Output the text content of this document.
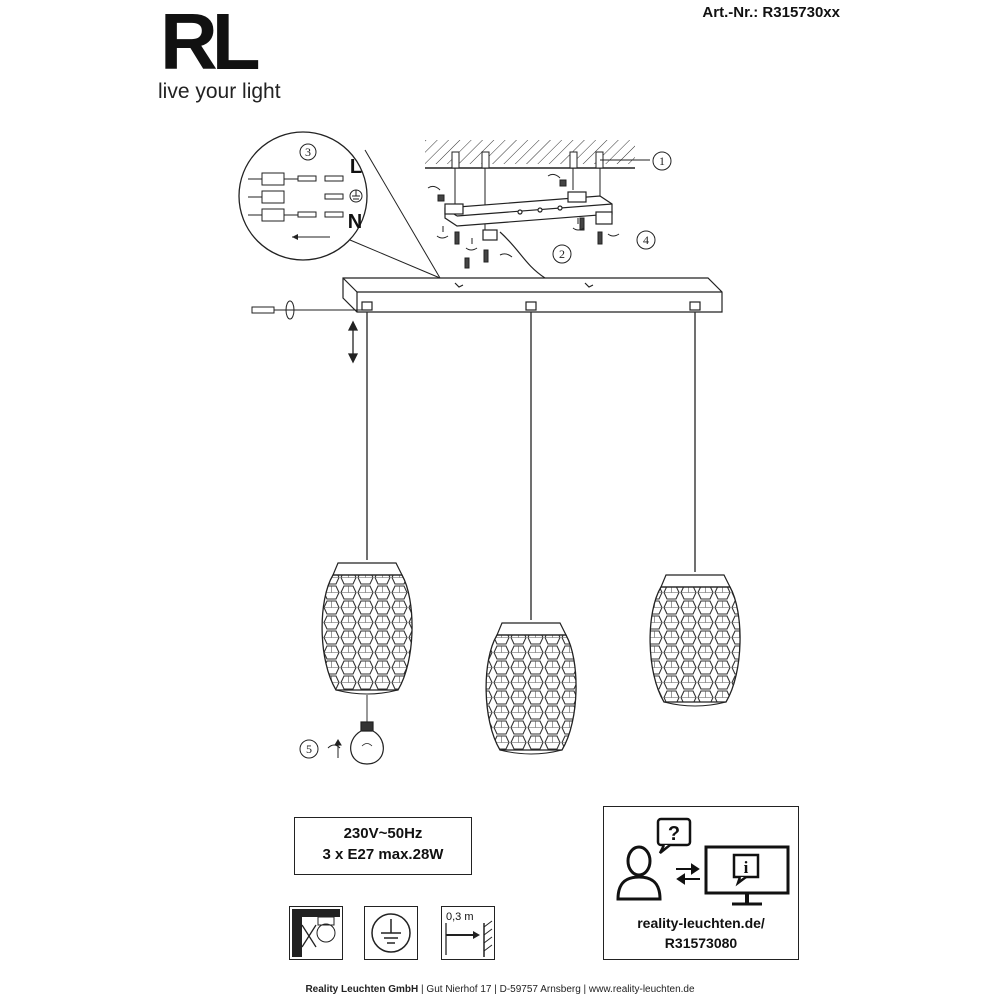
RL
live your light
Art.-Nr.: R315730xx
1
2
3
4
5
L
N
230V~50Hz
3 x E27 max.28W
0,3 m
?
i
reality-leuchten.de/
R31573080
Reality Leuchten GmbH | Gut Nierhof 17 | D-59757 Arnsberg | www.reality-leuchten.de
